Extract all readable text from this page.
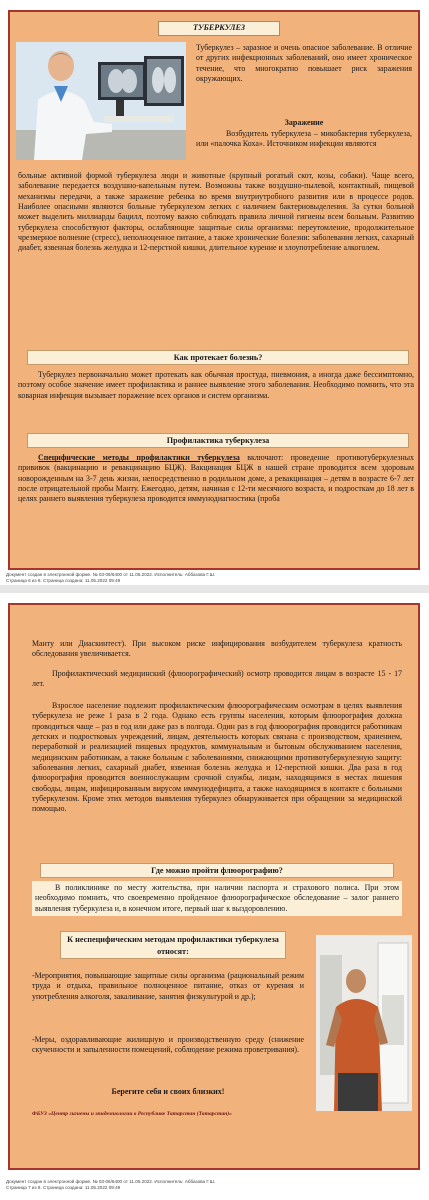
ТУБЕРКУЛЕЗ

Туберкулез – заразное и очень опасное заболевание. В отличие от других инфекционных заболеваний, оно имеет хроническое течение, что многократно повышает риск заражения окружающих.

Заражение

Возбудитель туберкулеза – микобактерия туберкулеза, или «палочка Коха». Источником инфекции являются

больные активной формой туберкулеза люди и животные (крупный рогатый скот, козы, собаки). Чаще всего, заболевание передается воздушно-капельным путем. Возможны также воздушно-пылевой, контактный, пищевой механизмы передачи, а также заражение ребенка во время внутриутробного развития или в процессе родов. Наиболее опасными являются больные туберкулезом легких с наличием бактериовыделения. За сутки больной может выделить миллиарды бацилл, поэтому важно соблюдать правила личной гигиены всем больным. Развитию туберкулеза способствуют факторы, ослабляющие защитные силы организма: переутомление, продолжительное чрезмерное волнение (стресс), неполноценное питание, а также хронические болезни: заболевания легких, сахарный диабет, язвенная болезнь желудка и 12-перстной кишки, длительное курение и злоупотребление алкоголем.

Как протекает болезнь?

Туберкулез первоначально может протекать как обычная простуда, пневмония, а иногда даже бессимптомно, поэтому особое значение имеет профилактика и раннее выявление этого заболевания. Необходимо помнить, что эта коварная инфекция вызывает поражение всех органов и систем организма.

Профилактика туберкулеза

Специфические методы профилактики туберкулеза включают: проведение противотуберкулезных прививок (вакцинацию и ревакцинацию БЦЖ). Вакцинация БЦЖ в нашей стране проводится всем здоровым новорожденным на 3-7 день жизни, непосредственно в родильном доме, а ревакцинация – детям в возрасте 6-7 лет после отрицательной пробы Манту. Ежегодно, детям, начиная с 12-ти месячного возраста, и подросткам до 18 лет в целях раннего выявления туберкулеза проводится иммунодиагностика (проба

Документ создан в электронной форме. № 03-06/6400 от 11.05.2022. Исполнитель: Аббазова Г.Ш.
Страница 6 из 8. Страница создана: 11.05.2022 09:49

Манту или Диаскинтест). При высоком риске инфицирования возбудителем туберкулеза кратность обследования увеличивается.

Профилактический медицинский (флюорографический) осмотр проводится лицам в возрасте 15 - 17 лет.

Взрослое население подлежит профилактическим флюорографическим осмотрам в целях выявления туберкулеза не реже 1 раза в 2 года. Однако есть группы населения, которым флюорография должна проводиться чаще – раз в год или даже раз в полгода. Один раз в год флюорография проводится работникам детских и подростковых учреждений, лицам, деятельность которых связана с производством, хранением, переработкой и реализацией пищевых продуктов, коммунальным и бытовым обслуживанием населения, медицинским работникам, а также больным с заболеваниями, снижающими противотуберкулезную защиту: заболевания легких, сахарный диабет, язвенная болезнь желудка и 12-перстной кишки. Два раза в год флюорография проводится военнослужащим срочной службы, лицам, находящимся в местах лишения свободы, лицам, инфицированным вирусом иммунодефицита, а также находящимся в контакте с больными туберкулезом. Кроме этих методов выявления туберкулез обнаруживается при обращении за медицинской помощью.

Где можно пройти флюорографию?

В поликлинике по месту жительства, при наличии паспорта и страхового полиса. При этом необходимо помнить, что своевременно пройденное флюорографическое обследование – залог раннего выявления туберкулеза и, в конечном итоге, первый шаг к выздоровлению.

К неспецифическим методам профилактики туберкулеза относят:

-Мероприятия, повышающие защитные силы организма (рациональный режим труда и отдыха, правильное полноценное питание, отказ от курения и употребления алкоголя, закаливание, занятия физкультурой и др.);

-Меры, оздоравливающие жилищную и производственную среду (снижение скученности и запыленности помещений, соблюдение режима проветривания).

Берегите себя и своих близких!
ФБУЗ «Центр гигиены и эпидемиологии в Республике Татарстан (Татарстан)»
Документ создан в электронной форме. № 03-06/6400 от 11.05.2022. Исполнитель: Аббазова Г.Ш.
Страница 7 из 8. Страница создана: 11.05.2022 09:49
